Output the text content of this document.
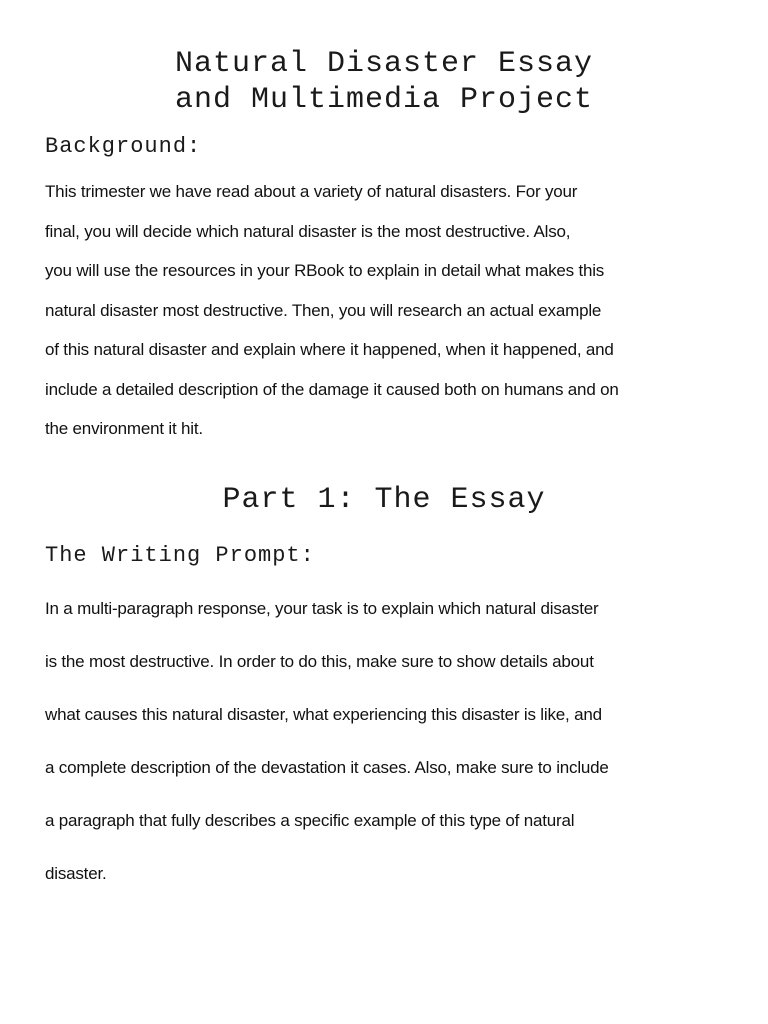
Natural Disaster Essay
and Multimedia Project
Background:
This trimester we have read about a variety of natural disasters. For your
final, you will decide which natural disaster is the most destructive. Also,
you will use the resources in your RBook to explain in detail what makes this
natural disaster most destructive. Then, you will research an actual example
of this natural disaster and explain where it happened, when it happened, and
include a detailed description of the damage it caused both on humans and on
the environment it hit.
Part 1: The Essay
The Writing Prompt:
In a multi-paragraph response, your task is to explain which natural disaster
is the most destructive. In order to do this, make sure to show details about
what causes this natural disaster, what experiencing this disaster is like, and
a complete description of the devastation it cases. Also, make sure to include
a paragraph that fully describes a specific example of this type of natural
disaster.
